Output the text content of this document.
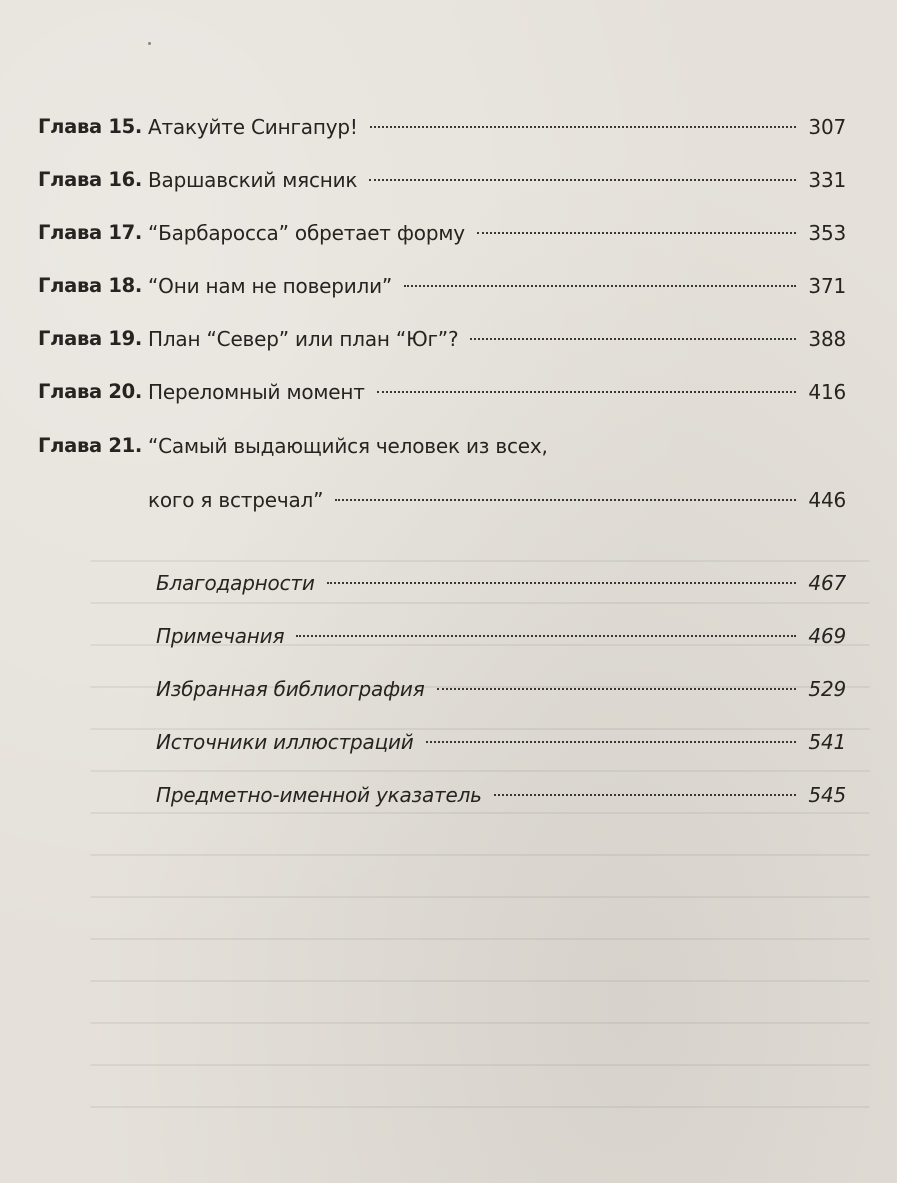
Глава 15. Атакуйте Сингапур!	307
Глава 16. Варшавский мясник	331
Глава 17. “Барбаросса” обретает форму	353
Глава 18. “Они нам не поверили”	371
Глава 19. План “Север” или план “Юг”?	388
Глава 20. Переломный момент	416
Глава 21. “Самый выдающийся человек из всех,
кого я встречал”	446
Благодарности	467
Примечания	469
Избранная библиография	529
Источники иллюстраций	541
Предметно-именной указатель	545
